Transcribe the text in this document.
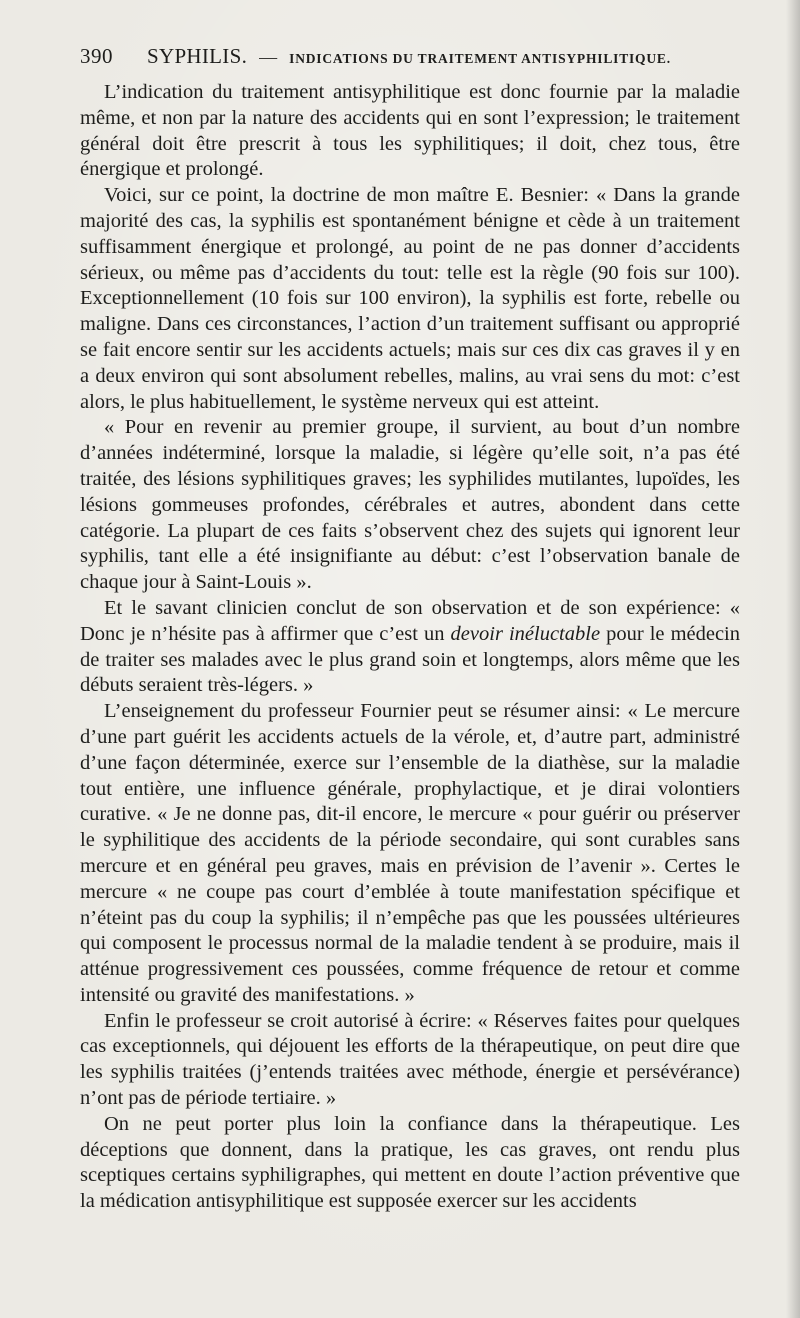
390 SYPHILIS. — INDICATIONS DU TRAITEMENT ANTISYPHILITIQUE.

L’indication du traitement antisyphilitique est donc fournie par la maladie même, et non par la nature des accidents qui en sont l’expression; le traitement général doit être prescrit à tous les syphilitiques; il doit, chez tous, être énergique et prolongé.

Voici, sur ce point, la doctrine de mon maître E. Besnier: « Dans la grande majorité des cas, la syphilis est spontanément bénigne et cède à un traitement suffisamment énergique et prolongé, au point de ne pas donner d’accidents sérieux, ou même pas d’accidents du tout: telle est la règle (90 fois sur 100). Exceptionnellement (10 fois sur 100 environ), la syphilis est forte, rebelle ou maligne. Dans ces circonstances, l’action d’un traitement suffisant ou approprié se fait encore sentir sur les accidents actuels; mais sur ces dix cas graves il y en a deux environ qui sont absolument rebelles, malins, au vrai sens du mot: c’est alors, le plus habituellement, le système nerveux qui est atteint.

« Pour en revenir au premier groupe, il survient, au bout d’un nombre d’années indéterminé, lorsque la maladie, si légère qu’elle soit, n’a pas été traitée, des lésions syphilitiques graves; les syphilides mutilantes, lupoïdes, les lésions gommeuses profondes, cérébrales et autres, abondent dans cette catégorie. La plupart de ces faits s’observent chez des sujets qui ignorent leur syphilis, tant elle a été insignifiante au début: c’est l’observation banale de chaque jour à Saint-Louis ».

Et le savant clinicien conclut de son observation et de son expérience: « Donc je n’hésite pas à affirmer que c’est un devoir inéluctable pour le médecin de traiter ses malades avec le plus grand soin et longtemps, alors même que les débuts seraient très-légers. »

L’enseignement du professeur Fournier peut se résumer ainsi: « Le mercure d’une part guérit les accidents actuels de la vérole, et, d’autre part, administré d’une façon déterminée, exerce sur l’ensemble de la diathèse, sur la maladie tout entière, une influence générale, prophylactique, et je dirai volontiers curative. « Je ne donne pas, dit-il encore, le mercure « pour guérir ou préserver le syphilitique des accidents de la période secondaire, qui sont curables sans mercure et en général peu graves, mais en prévision de l’avenir ». Certes le mercure « ne coupe pas court d’emblée à toute manifestation spécifique et n’éteint pas du coup la syphilis; il n’empêche pas que les poussées ultérieures qui composent le processus normal de la maladie tendent à se produire, mais il atténue progressivement ces poussées, comme fréquence de retour et comme intensité ou gravité des manifestations. »

Enfin le professeur se croit autorisé à écrire: « Réserves faites pour quelques cas exceptionnels, qui déjouent les efforts de la thérapeutique, on peut dire que les syphilis traitées (j’entends traitées avec méthode, énergie et persévérance) n’ont pas de période tertiaire. »

On ne peut porter plus loin la confiance dans la thérapeutique. Les déceptions que donnent, dans la pratique, les cas graves, ont rendu plus sceptiques certains syphiligraphes, qui mettent en doute l’action préventive que la médication antisyphilitique est supposée exercer sur les accidents
